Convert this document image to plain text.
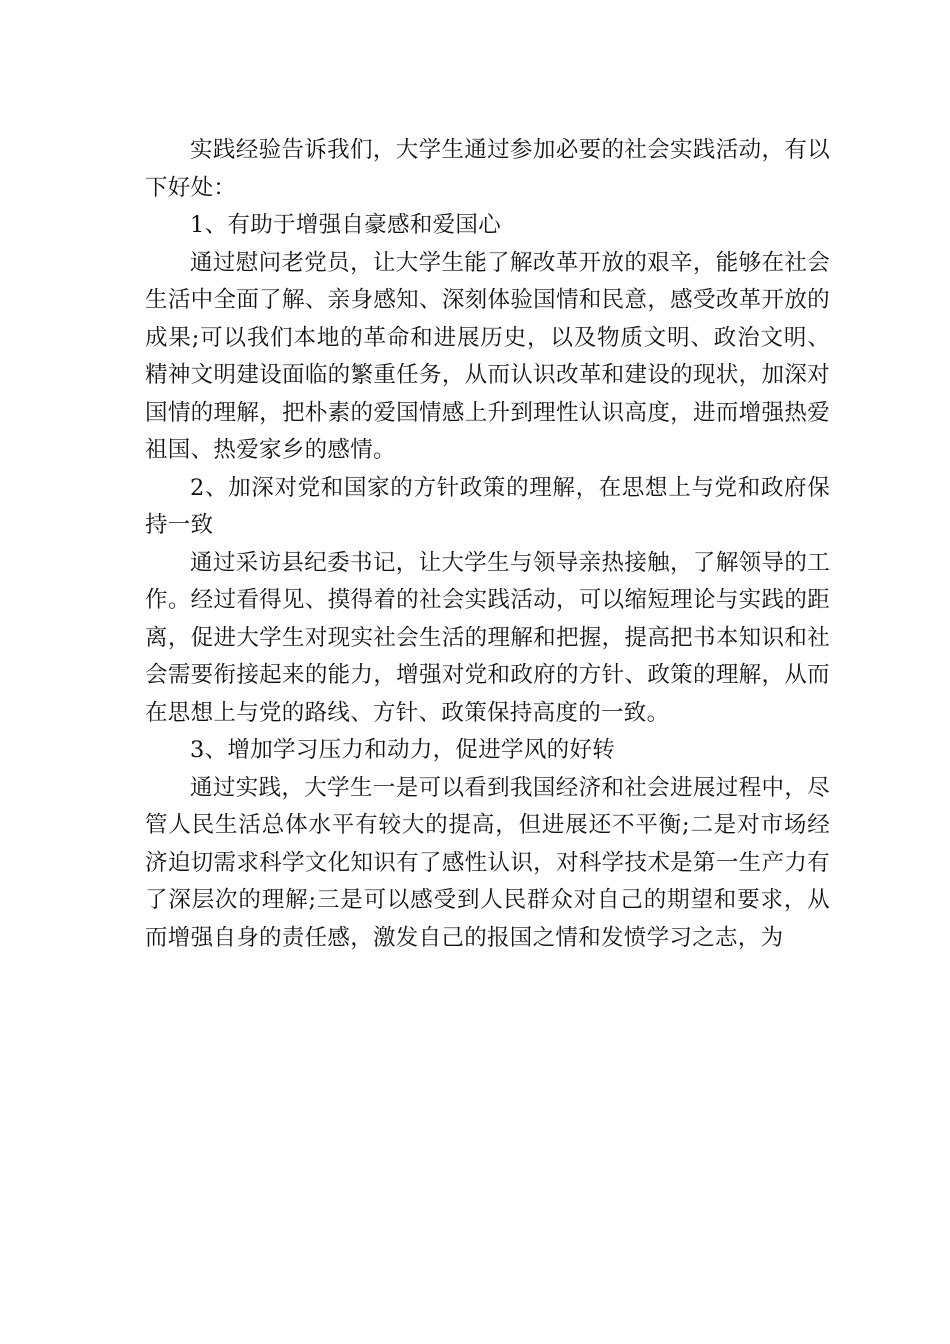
实践经验告诉我们，大学生通过参加必要的社会实践活动，有以下好处：

1、有助于增强自豪感和爱国心

通过慰问老党员，让大学生能了解改革开放的艰辛，能够在社会生活中全面了解、亲身感知、深刻体验国情和民意，感受改革开放的成果;可以我们本地的革命和进展历史，以及物质文明、政治文明、精神文明建设面临的繁重任务，从而认识改革和建设的现状，加深对国情的理解，把朴素的爱国情感上升到理性认识高度，进而增强热爱祖国、热爱家乡的感情。

2、加深对党和国家的方针政策的理解，在思想上与党和政府保持一致

通过采访县纪委书记，让大学生与领导亲热接触，了解领导的工作。经过看得见、摸得着的社会实践活动，可以缩短理论与实践的距离，促进大学生对现实社会生活的理解和把握，提高把书本知识和社会需要衔接起来的能力，增强对党和政府的方针、政策的理解，从而在思想上与党的路线、方针、政策保持高度的一致。

3、增加学习压力和动力，促进学风的好转

通过实践，大学生一是可以看到我国经济和社会进展过程中，尽管人民生活总体水平有较大的提高，但进展还不平衡;二是对市场经济迫切需求科学文化知识有了感性认识，对科学技术是第一生产力有了深层次的理解;三是可以感受到人民群众对自己的期望和要求，从而增强自身的责任感，激发自己的报国之情和发愤学习之志，为
